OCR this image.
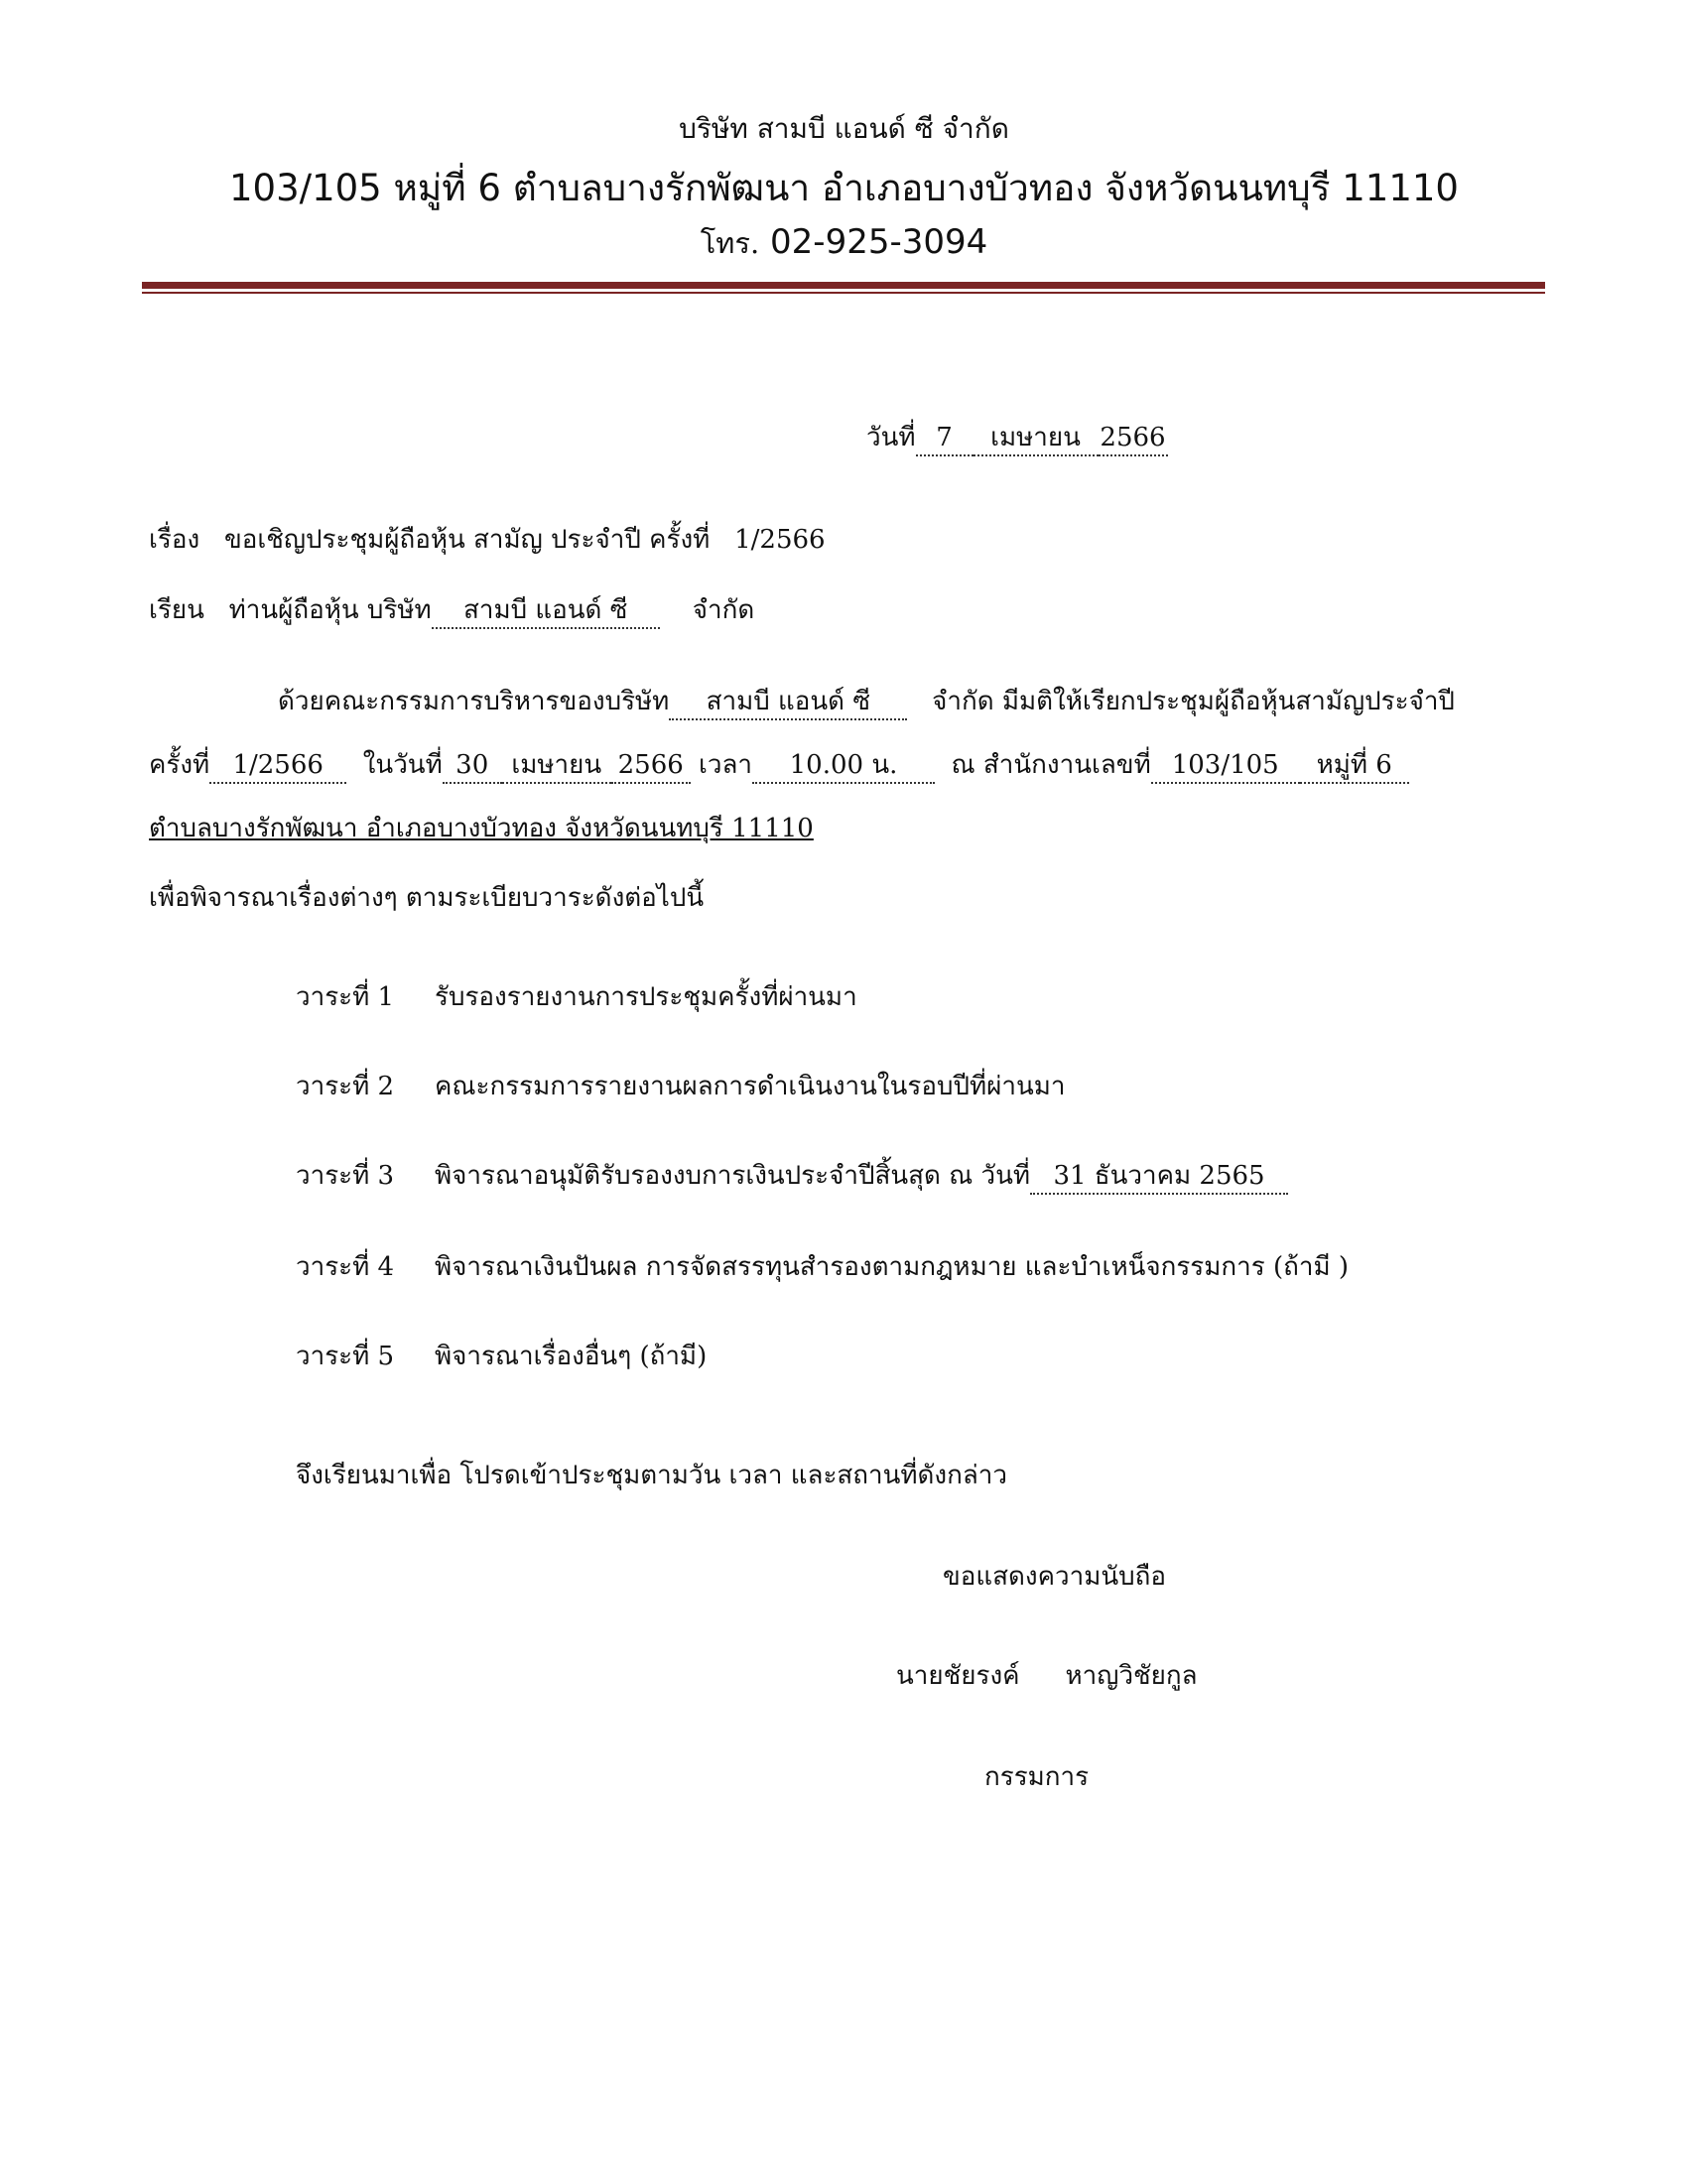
บริษัท สามบี แอนด์ ซี จำกัด
103/105 หมู่ที่ 6 ตำบลบางรักพัฒนา อำเภอบางบัวทอง จังหวัดนนทบุรี 11110
โทร. 02-925-3094
วันที่ 7 เมษายน 2566
เรื่อง ขอเชิญประชุมผู้ถือหุ้น สามัญ ประจำปี ครั้งที่ 1/2566
เรียน ท่านผู้ถือหุ้น บริษัท สามบี แอนด์ ซี	จำกัด
ด้วยคณะกรรมการบริหารของบริษัท สามบี แอนด์ ซี จำกัด มีมติให้เรียกประชุมผู้ถือหุ้นสามัญประจำปี
ครั้งที่ 1/2566 ในวันที่ 30 เมษายน 2566 เวลา 10.00 น. ณ สำนักงานเลขที่ 103/105 หมู่ที่ 6
ตำบลบางรักพัฒนา อำเภอบางบัวทอง จังหวัดนนทบุรี 11110
เพื่อพิจารณาเรื่องต่างๆ ตามระเบียบวาระดังต่อไปนี้
วาระที่ 1 รับรองรายงานการประชุมครั้งที่ผ่านมา
วาระที่ 2 คณะกรรมการรายงานผลการดำเนินงานในรอบปีที่ผ่านมา
วาระที่ 3 พิจารณาอนุมัติรับรองงบการเงินประจำปีสิ้นสุด ณ วันที่ 31 ธันวาคม 2565
วาระที่ 4 พิจารณาเงินปันผล การจัดสรรทุนสำรองตามกฎหมาย และบำเหน็จกรรมการ (ถ้ามี )
วาระที่ 5 พิจารณาเรื่องอื่นๆ (ถ้ามี)
จึงเรียนมาเพื่อ โปรดเข้าประชุมตามวัน เวลา และสถานที่ดังกล่าว
ขอแสดงความนับถือ
นายชัยรงค์ หาญวิชัยกูล
กรรมการ
